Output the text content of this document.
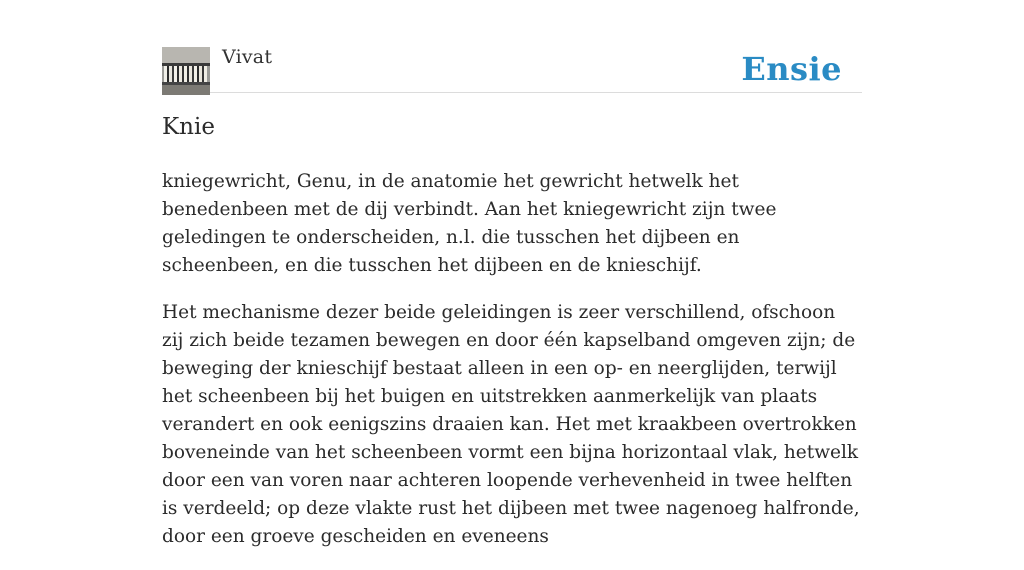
Vivat	Ensie
Knie

kniegewricht, Genu, in de anatomie het gewricht hetwelk het benedenbeen met de dij verbindt. Aan het kniegewricht zijn twee geledingen te onderscheiden, n.l. die tusschen het dijbeen en scheenbeen, en die tusschen het dijbeen en de knieschijf.

Het mechanisme dezer beide geleidingen is zeer verschillend, ofschoon zij zich beide tezamen bewegen en door één kapselband omgeven zijn; de beweging der knieschijf bestaat alleen in een op- en neerglijden, terwijl het scheenbeen bij het buigen en uitstrekken aanmerkelijk van plaats verandert en ook eenigszins draaien kan. Het met kraakbeen overtrokken boveneinde van het scheenbeen vormt een bijna horizontaal vlak, hetwelk door een van voren naar achteren loopende verhevenheid in twee helften is verdeeld; op deze vlakte rust het dijbeen met twee nagenoeg halfronde, door een groeve gescheiden en eveneens
